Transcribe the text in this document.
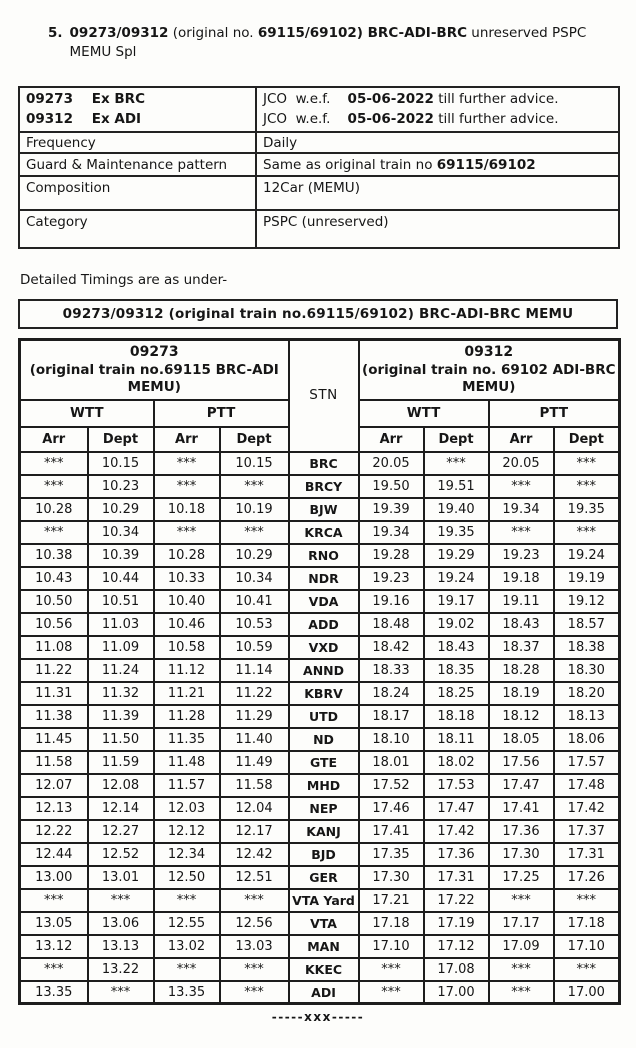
5. 09273/09312 (original no. 69115/69102) BRC-ADI-BRC unreserved PSPC
MEMU Spl
09273    Ex BRC
09312    Ex ADI

JCO  w.e.f.    05-06-2022 till further advice.
JCO  w.e.f.    05-06-2022 till further advice.

Frequency	Daily
Guard & Maintenance pattern	Same as original train no 69115/69102
Composition	12Car (MEMU)
Category	PSPC (unreserved)
Detailed Timings are as under-
09273/09312 (original train no.69115/69102) BRC-ADI-BRC MEMU
09273
(original train no.69115 BRC-ADI MEMU)
	STN	
09312
(original train no. 69102 ADI-BRC MEMU)

WTT		PTT			WTT		PTT	
Arr	Dept	Arr	Dept		Arr	Dept	Arr	Dept
***	10.15	***	10.15	BRC	20.05	***	20.05	***
***	10.23	***	***	BRCY	19.50	19.51	***	***
10.28	10.29	10.18	10.19	BJW	19.39	19.40	19.34	19.35
***	10.34	***	***	KRCA	19.34	19.35	***	***
10.38	10.39	10.28	10.29	RNO	19.28	19.29	19.23	19.24
10.43	10.44	10.33	10.34	NDR	19.23	19.24	19.18	19.19
10.50	10.51	10.40	10.41	VDA	19.16	19.17	19.11	19.12
10.56	11.03	10.46	10.53	ADD	18.48	19.02	18.43	18.57
11.08	11.09	10.58	10.59	VXD	18.42	18.43	18.37	18.38
11.22	11.24	11.12	11.14	ANND	18.33	18.35	18.28	18.30
11.31	11.32	11.21	11.22	KBRV	18.24	18.25	18.19	18.20
11.38	11.39	11.28	11.29	UTD	18.17	18.18	18.12	18.13
11.45	11.50	11.35	11.40	ND	18.10	18.11	18.05	18.06
11.58	11.59	11.48	11.49	GTE	18.01	18.02	17.56	17.57
12.07	12.08	11.57	11.58	MHD	17.52	17.53	17.47	17.48
12.13	12.14	12.03	12.04	NEP	17.46	17.47	17.41	17.42
12.22	12.27	12.12	12.17	KANJ	17.41	17.42	17.36	17.37
12.44	12.52	12.34	12.42	BJD	17.35	17.36	17.30	17.31
13.00	13.01	12.50	12.51	GER	17.30	17.31	17.25	17.26
***	***	***	***	VTA Yard	17.21	17.22	***	***
13.05	13.06	12.55	12.56	VTA	17.18	17.19	17.17	17.18
13.12	13.13	13.02	13.03	MAN	17.10	17.12	17.09	17.10
***	13.22	***	***	KKEC	***	17.08	***	***
13.35	***	13.35	***	ADI	***	17.00	***	17.00
-----xxx-----
